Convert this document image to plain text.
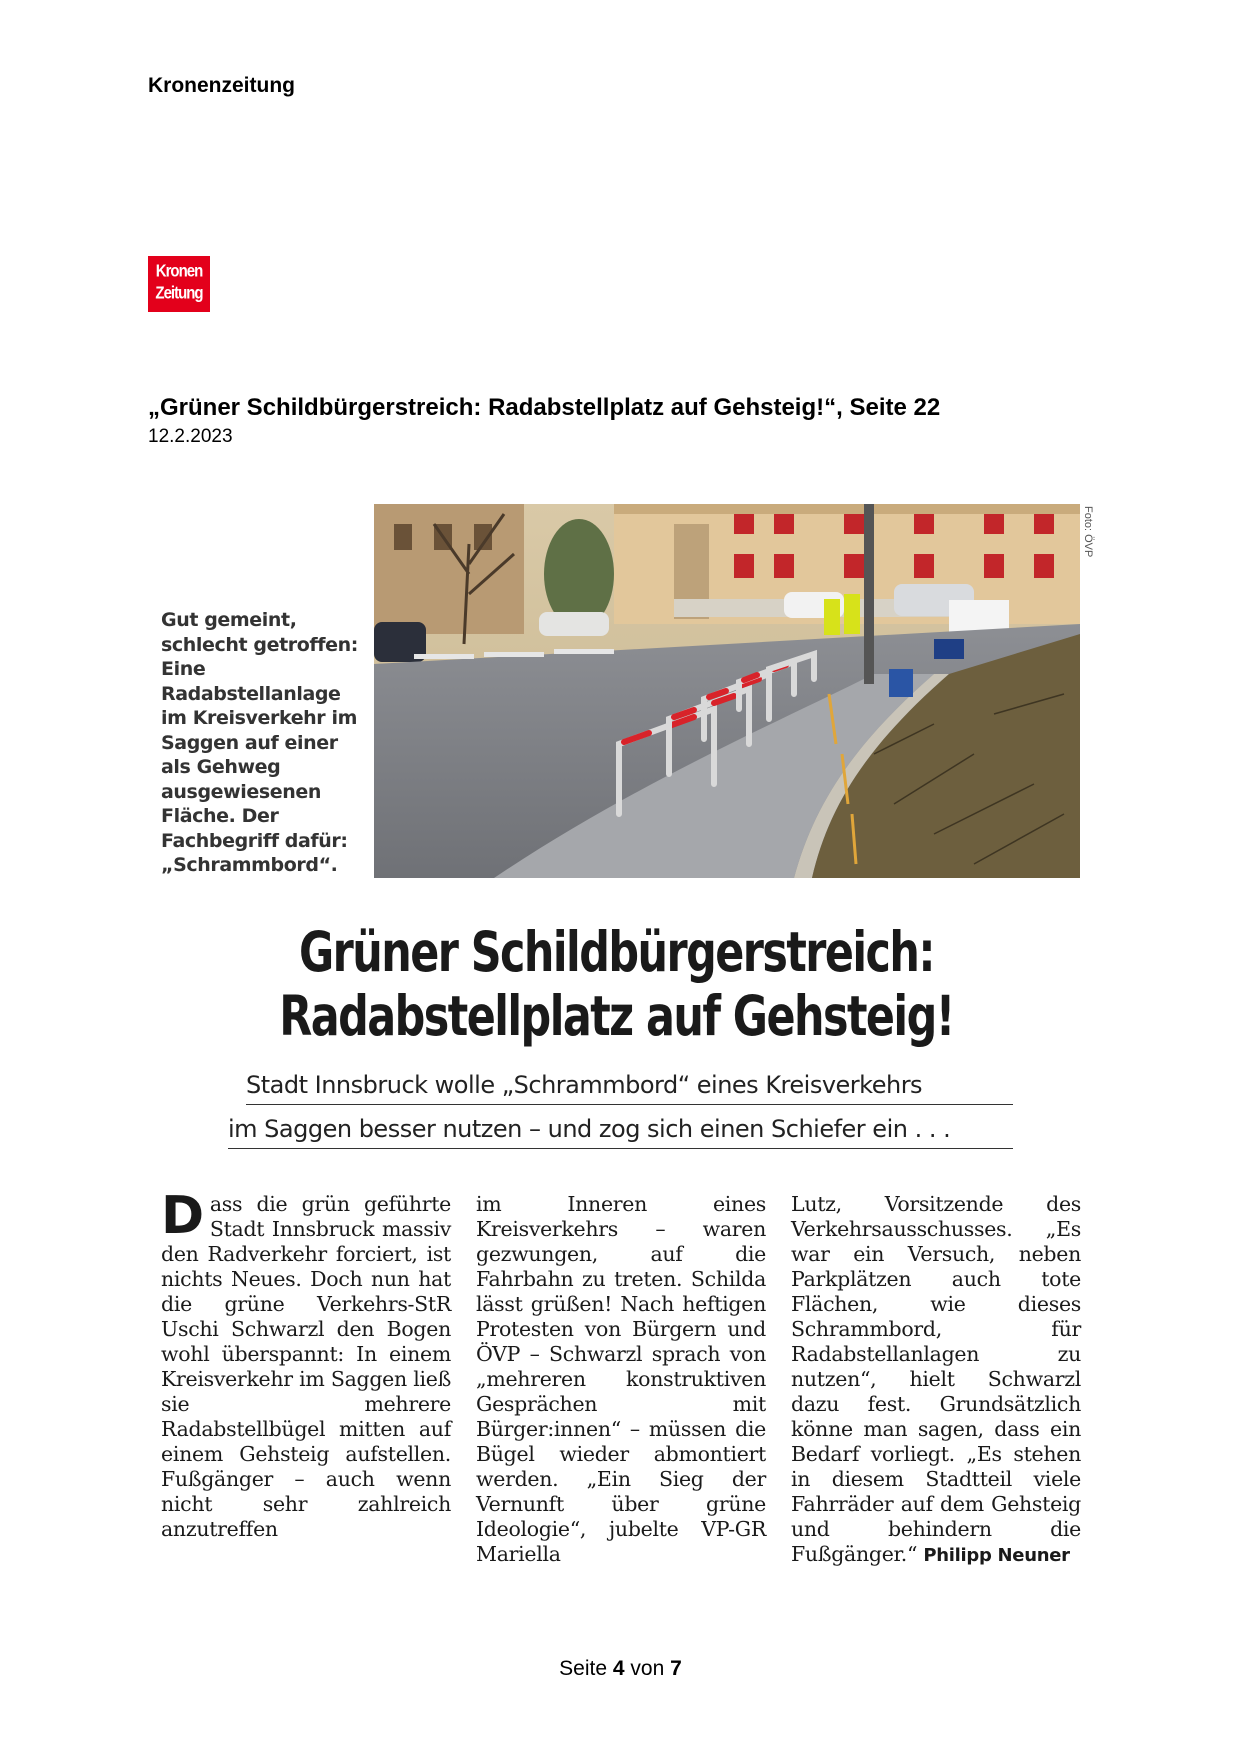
Kronenzeitung
Kronen
Zeitung
„Grüner Schildbürgerstreich: Radabstellplatz auf Gehsteig!“, Seite 22
12.2.2023
Gut gemeint, schlecht getroffen: Eine Radabstellanlage im Kreisverkehr im Saggen auf einer als Gehweg ausgewiesenen Fläche. Der Fachbegriff dafür: „Schrammbord“.
Foto: ÖVP
Grüner Schildbürgerstreich:
Radabstellplatz auf Gehsteig!
Stadt Innsbruck wolle „Schrammbord“ eines Kreisverkehrs
im Saggen besser nutzen – und zog sich einen Schiefer ein . . .
Dass die grün geführte Stadt Innsbruck massiv den Radverkehr forciert, ist nichts Neues. Doch nun hat die grüne Verkehrs-StR Uschi Schwarzl den Bogen wohl überspannt: In einem Kreisverkehr im Saggen ließ sie mehrere Radabstellbügel mitten auf einem Gehsteig aufstellen. Fußgänger – auch wenn nicht sehr zahlreich anzutreffen
im Inneren eines Kreisverkehrs – waren gezwungen, auf die Fahrbahn zu treten. Schilda lässt grüßen! Nach heftigen Protesten von Bürgern und ÖVP – Schwarzl sprach von „mehreren konstruktiven Gesprächen mit Bürger:innen“ – müssen die Bügel wieder abmontiert werden. „Ein Sieg der Vernunft über grüne Ideologie“, jubelte VP-GR Mariella
Lutz, Vorsitzende des Verkehrsausschusses. „Es war ein Versuch, neben Parkplätzen auch tote Flächen, wie dieses Schrammbord, für Radabstellanlagen zu nutzen“, hielt Schwarzl dazu fest. Grundsätzlich könne man sagen, dass ein Bedarf vorliegt. „Es stehen in diesem Stadtteil viele Fahrräder auf dem Gehsteig und behindern die Fußgänger.“ Philipp Neuner
Seite 4 von 7
